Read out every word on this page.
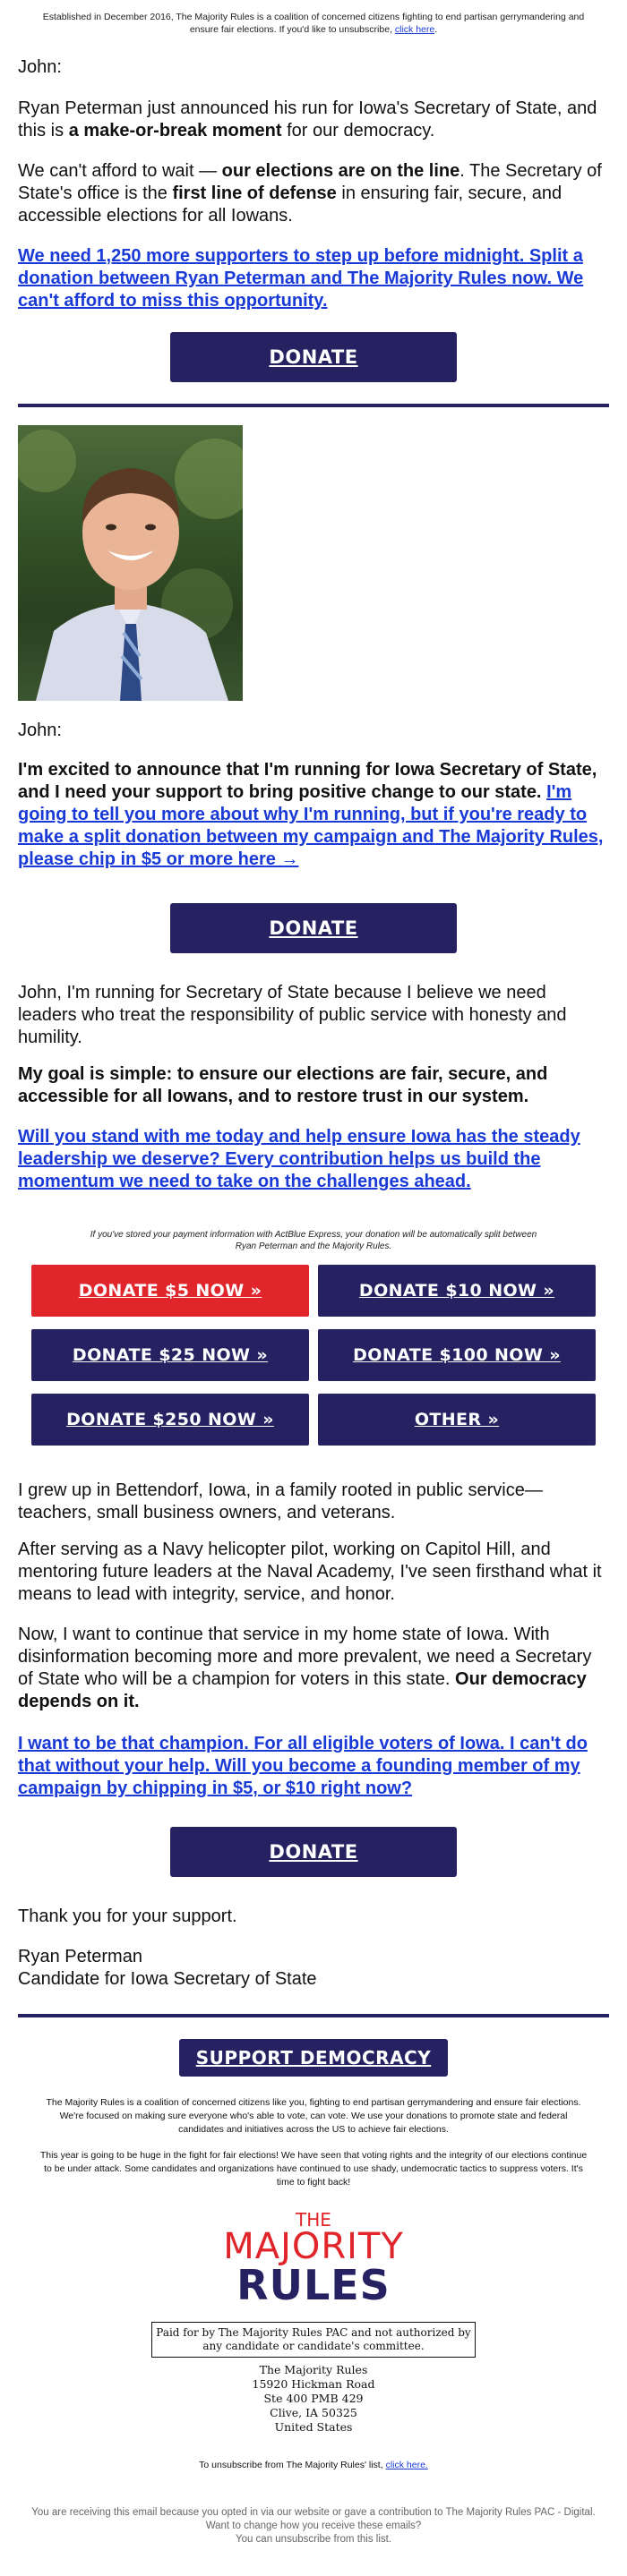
Established in December 2016, The Majority Rules is a coalition of concerned citizens fighting to end partisan gerrymandering and ensure fair elections. If you'd like to unsubscribe, click here.

John:

Ryan Peterman just announced his run for Iowa's Secretary of State, and this is a make-or-break moment for our democracy.

We can't afford to wait — our elections are on the line. The Secretary of State's office is the first line of defense in ensuring fair, secure, and accessible elections for all Iowans.

We need 1,250 more supporters to step up before midnight. Split a donation between Ryan Peterman and The Majority Rules now. We can't afford to miss this opportunity.

DONATE

John:

I'm excited to announce that I'm running for Iowa Secretary of State, and I need your support to bring positive change to our state. I'm going to tell you more about why I'm running, but if you're ready to make a split donation between my campaign and The Majority Rules, please chip in $5 or more here →

DONATE

John, I'm running for Secretary of State because I believe we need leaders who treat the responsibility of public service with honesty and humility.

My goal is simple: to ensure our elections are fair, secure, and accessible for all Iowans, and to restore trust in our system.

Will you stand with me today and help ensure Iowa has the steady leadership we deserve? Every contribution helps us build the momentum we need to take on the challenges ahead.

If you've stored your payment information with ActBlue Express, your donation will be automatically split between Ryan Peterman and the Majority Rules.

DONATE $5 NOW »	DONATE $10 NOW »
DONATE $25 NOW »	DONATE $100 NOW »
DONATE $250 NOW »	OTHER »

I grew up in Bettendorf, Iowa, in a family rooted in public service—teachers, small business owners, and veterans.

After serving as a Navy helicopter pilot, working on Capitol Hill, and mentoring future leaders at the Naval Academy, I've seen firsthand what it means to lead with integrity, service, and honor.

Now, I want to continue that service in my home state of Iowa. With disinformation becoming more and more prevalent, we need a Secretary of State who will be a champion for voters in this state. Our democracy depends on it.

I want to be that champion. For all eligible voters of Iowa. I can't do that without your help. Will you become a founding member of my campaign by chipping in $5, or $10 right now?

DONATE

Thank you for your support.

Ryan Peterman

Candidate for Iowa Secretary of State

SUPPORT DEMOCRACY

The Majority Rules is a coalition of concerned citizens like you, fighting to end partisan gerrymandering and ensure fair elections. We're focused on making sure everyone who's able to vote, can vote. We use your donations to promote state and federal candidates and initiatives across the US to achieve fair elections.

This year is going to be huge in the fight for fair elections! We have seen that voting rights and the integrity of our elections continue to be under attack. Some candidates and organizations have continued to use shady, undemocratic tactics to suppress voters. It's time to fight back!

THE
MAJORITY
RULES
Paid for by The Majority Rules PAC and not authorized by any candidate or candidate's committee.
The Majority Rules
15920 Hickman Road
Ste 400 PMB 429
Clive, IA 50325
United States

To unsubscribe from The Majority Rules' list, click here.

You are receiving this email because you opted in via our website or gave a contribution to The Majority Rules PAC - Digital.
Want to change how you receive these emails?
You can unsubscribe from this list.
